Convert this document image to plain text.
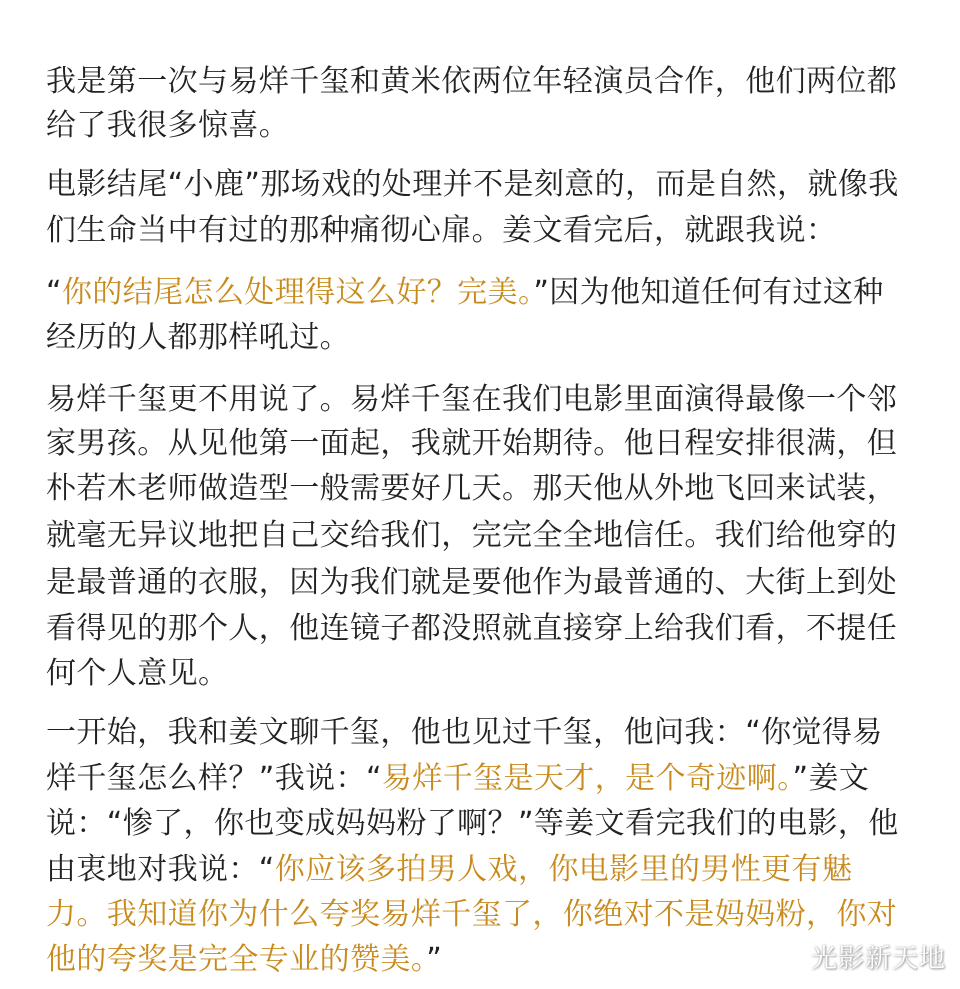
我是第一次与易烊千玺和黄米依两位年轻演员合作，他们两位都
给了我很多惊喜。
电影结尾“小鹿”那场戏的处理并不是刻意的，而是自然，就像我
们生命当中有过的那种痛彻心扉。姜文看完后，就跟我说：
“你的结尾怎么处理得这么好？完美。”因为他知道任何有过这种
经历的人都那样吼过。
易烊千玺更不用说了。易烊千玺在我们电影里面演得最像一个邻
家男孩。从见他第一面起，我就开始期待。他日程安排很满，但
朴若木老师做造型一般需要好几天。那天他从外地飞回来试装，
就毫无异议地把自己交给我们，完完全全地信任。我们给他穿的
是最普通的衣服，因为我们就是要他作为最普通的、大街上到处
看得见的那个人，他连镜子都没照就直接穿上给我们看，不提任
何个人意见。
一开始，我和姜文聊千玺，他也见过千玺，他问我：“你觉得易
烊千玺怎么样？”我说：“易烊千玺是天才，是个奇迹啊。”姜文
说：“惨了，你也变成妈妈粉了啊？”等姜文看完我们的电影，他
由衷地对我说：“你应该多拍男人戏，你电影里的男性更有魅
力。我知道你为什么夸奖易烊千玺了，你绝对不是妈妈粉，你对
他的夸奖是完全专业的赞美。”	光影新天地
